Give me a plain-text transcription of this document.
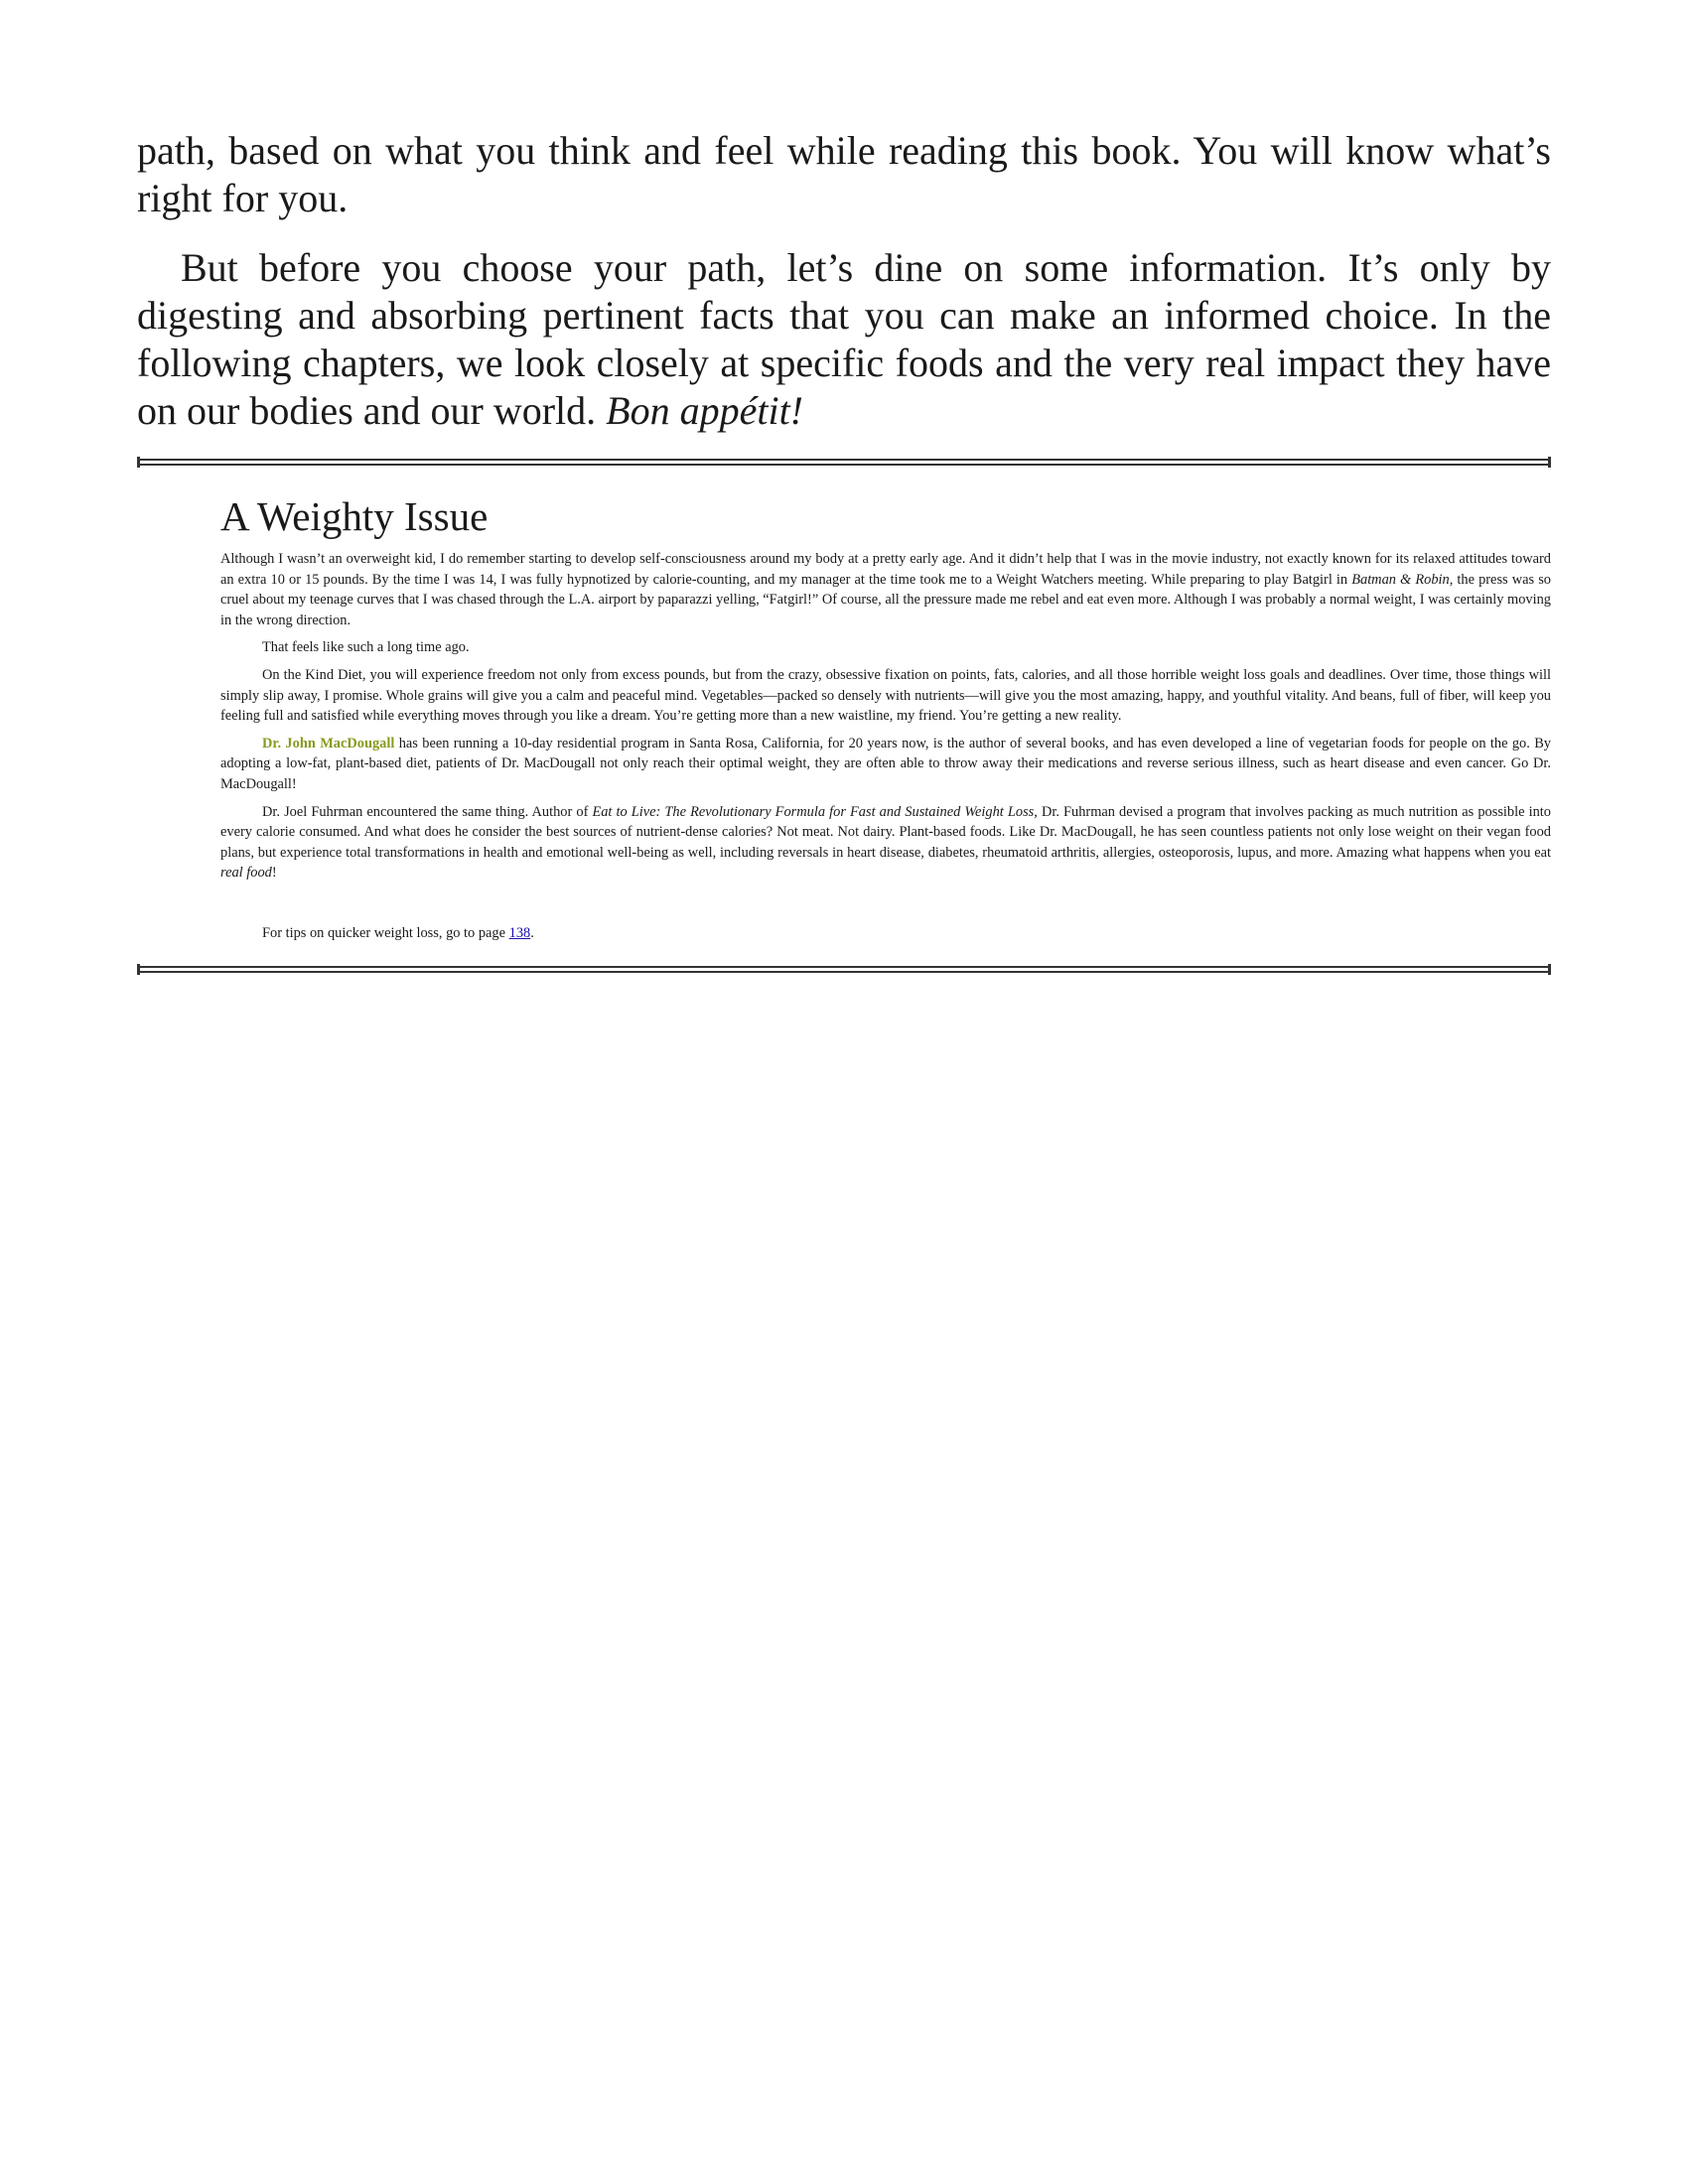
path, based on what you think and feel while reading this book. You will know what’s right for you.

But before you choose your path, let’s dine on some information. It’s only by digesting and absorbing pertinent facts that you can make an informed choice. In the following chapters, we look closely at specific foods and the very real impact they have on our bodies and our world. Bon appétit!

A Weighty Issue

Although I wasn’t an overweight kid, I do remember starting to develop self-consciousness around my body at a pretty early age. And it didn’t help that I was in the movie industry, not exactly known for its relaxed attitudes toward an extra 10 or 15 pounds. By the time I was 14, I was fully hypnotized by calorie-counting, and my manager at the time took me to a Weight Watchers meeting. While preparing to play Batgirl in Batman & Robin, the press was so cruel about my teenage curves that I was chased through the L.A. airport by paparazzi yelling, “Fatgirl!” Of course, all the pressure made me rebel and eat even more. Although I was probably a normal weight, I was certainly moving in the wrong direction.

That feels like such a long time ago.

On the Kind Diet, you will experience freedom not only from excess pounds, but from the crazy, obsessive fixation on points, fats, calories, and all those horrible weight loss goals and deadlines. Over time, those things will simply slip away, I promise. Whole grains will give you a calm and peaceful mind. Vegetables—packed so densely with nutrients—will give you the most amazing, happy, and youthful vitality. And beans, full of fiber, will keep you feeling full and satisfied while everything moves through you like a dream. You’re getting more than a new waistline, my friend. You’re getting a new reality.

Dr. John MacDougall has been running a 10-day residential program in Santa Rosa, California, for 20 years now, is the author of several books, and has even developed a line of vegetarian foods for people on the go. By adopting a low-fat, plant-based diet, patients of Dr. MacDougall not only reach their optimal weight, they are often able to throw away their medications and reverse serious illness, such as heart disease and even cancer. Go Dr. MacDougall!

Dr. Joel Fuhrman encountered the same thing. Author of Eat to Live: The Revolutionary Formula for Fast and Sustained Weight Loss, Dr. Fuhrman devised a program that involves packing as much nutrition as possible into every calorie consumed. And what does he consider the best sources of nutrient-dense calories? Not meat. Not dairy. Plant-based foods. Like Dr. MacDougall, he has seen countless patients not only lose weight on their vegan food plans, but experience total transformations in health and emotional well-being as well, including reversals in heart disease, diabetes, rheumatoid arthritis, allergies, osteoporosis, lupus, and more. Amazing what happens when you eat real food!

For tips on quicker weight loss, go to page 138.
